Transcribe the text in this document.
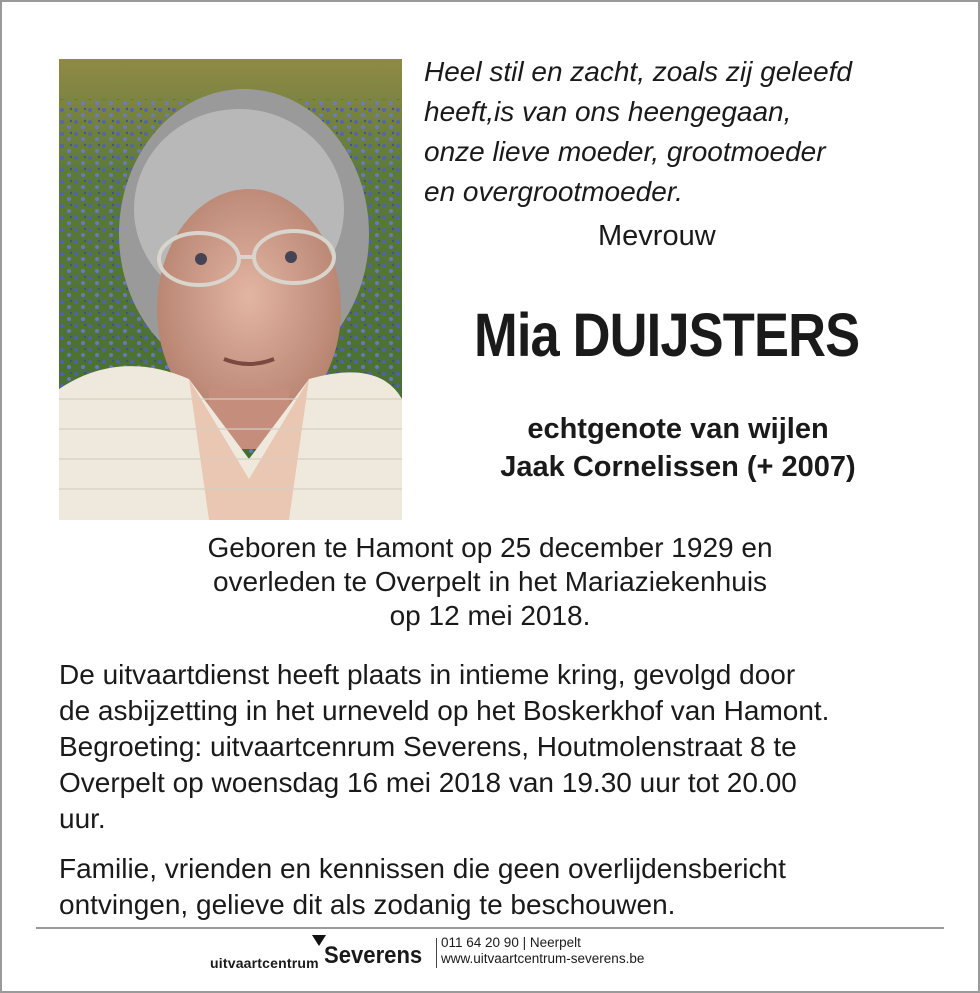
Heel stil en zacht, zoals zij geleefd
heeft,is van ons heengegaan,
onze lieve moeder, grootmoeder
en overgrootmoeder.
Mevrouw
Mia DUIJSTERS
echtgenote van wijlen
Jaak Cornelissen (+ 2007)
Geboren te Hamont op 25 december 1929 en
overleden te Overpelt in het Mariaziekenhuis
op 12 mei 2018.
De uitvaartdienst heeft plaats in intieme kring, gevolgd door
de asbijzetting in het urneveld op het Boskerkhof van Hamont.
Begroeting: uitvaartcenrum Severens, Houtmolenstraat 8 te
Overpelt op woensdag 16 mei 2018 van 19.30 uur tot 20.00
uur.
Familie, vrienden en kennissen die geen overlijdensbericht
ontvingen, gelieve dit als zodanig te beschouwen.
uitvaartcentrum Severens 011 64 20 90 | Neerpelt
www.uitvaartcentrum-severens.be
